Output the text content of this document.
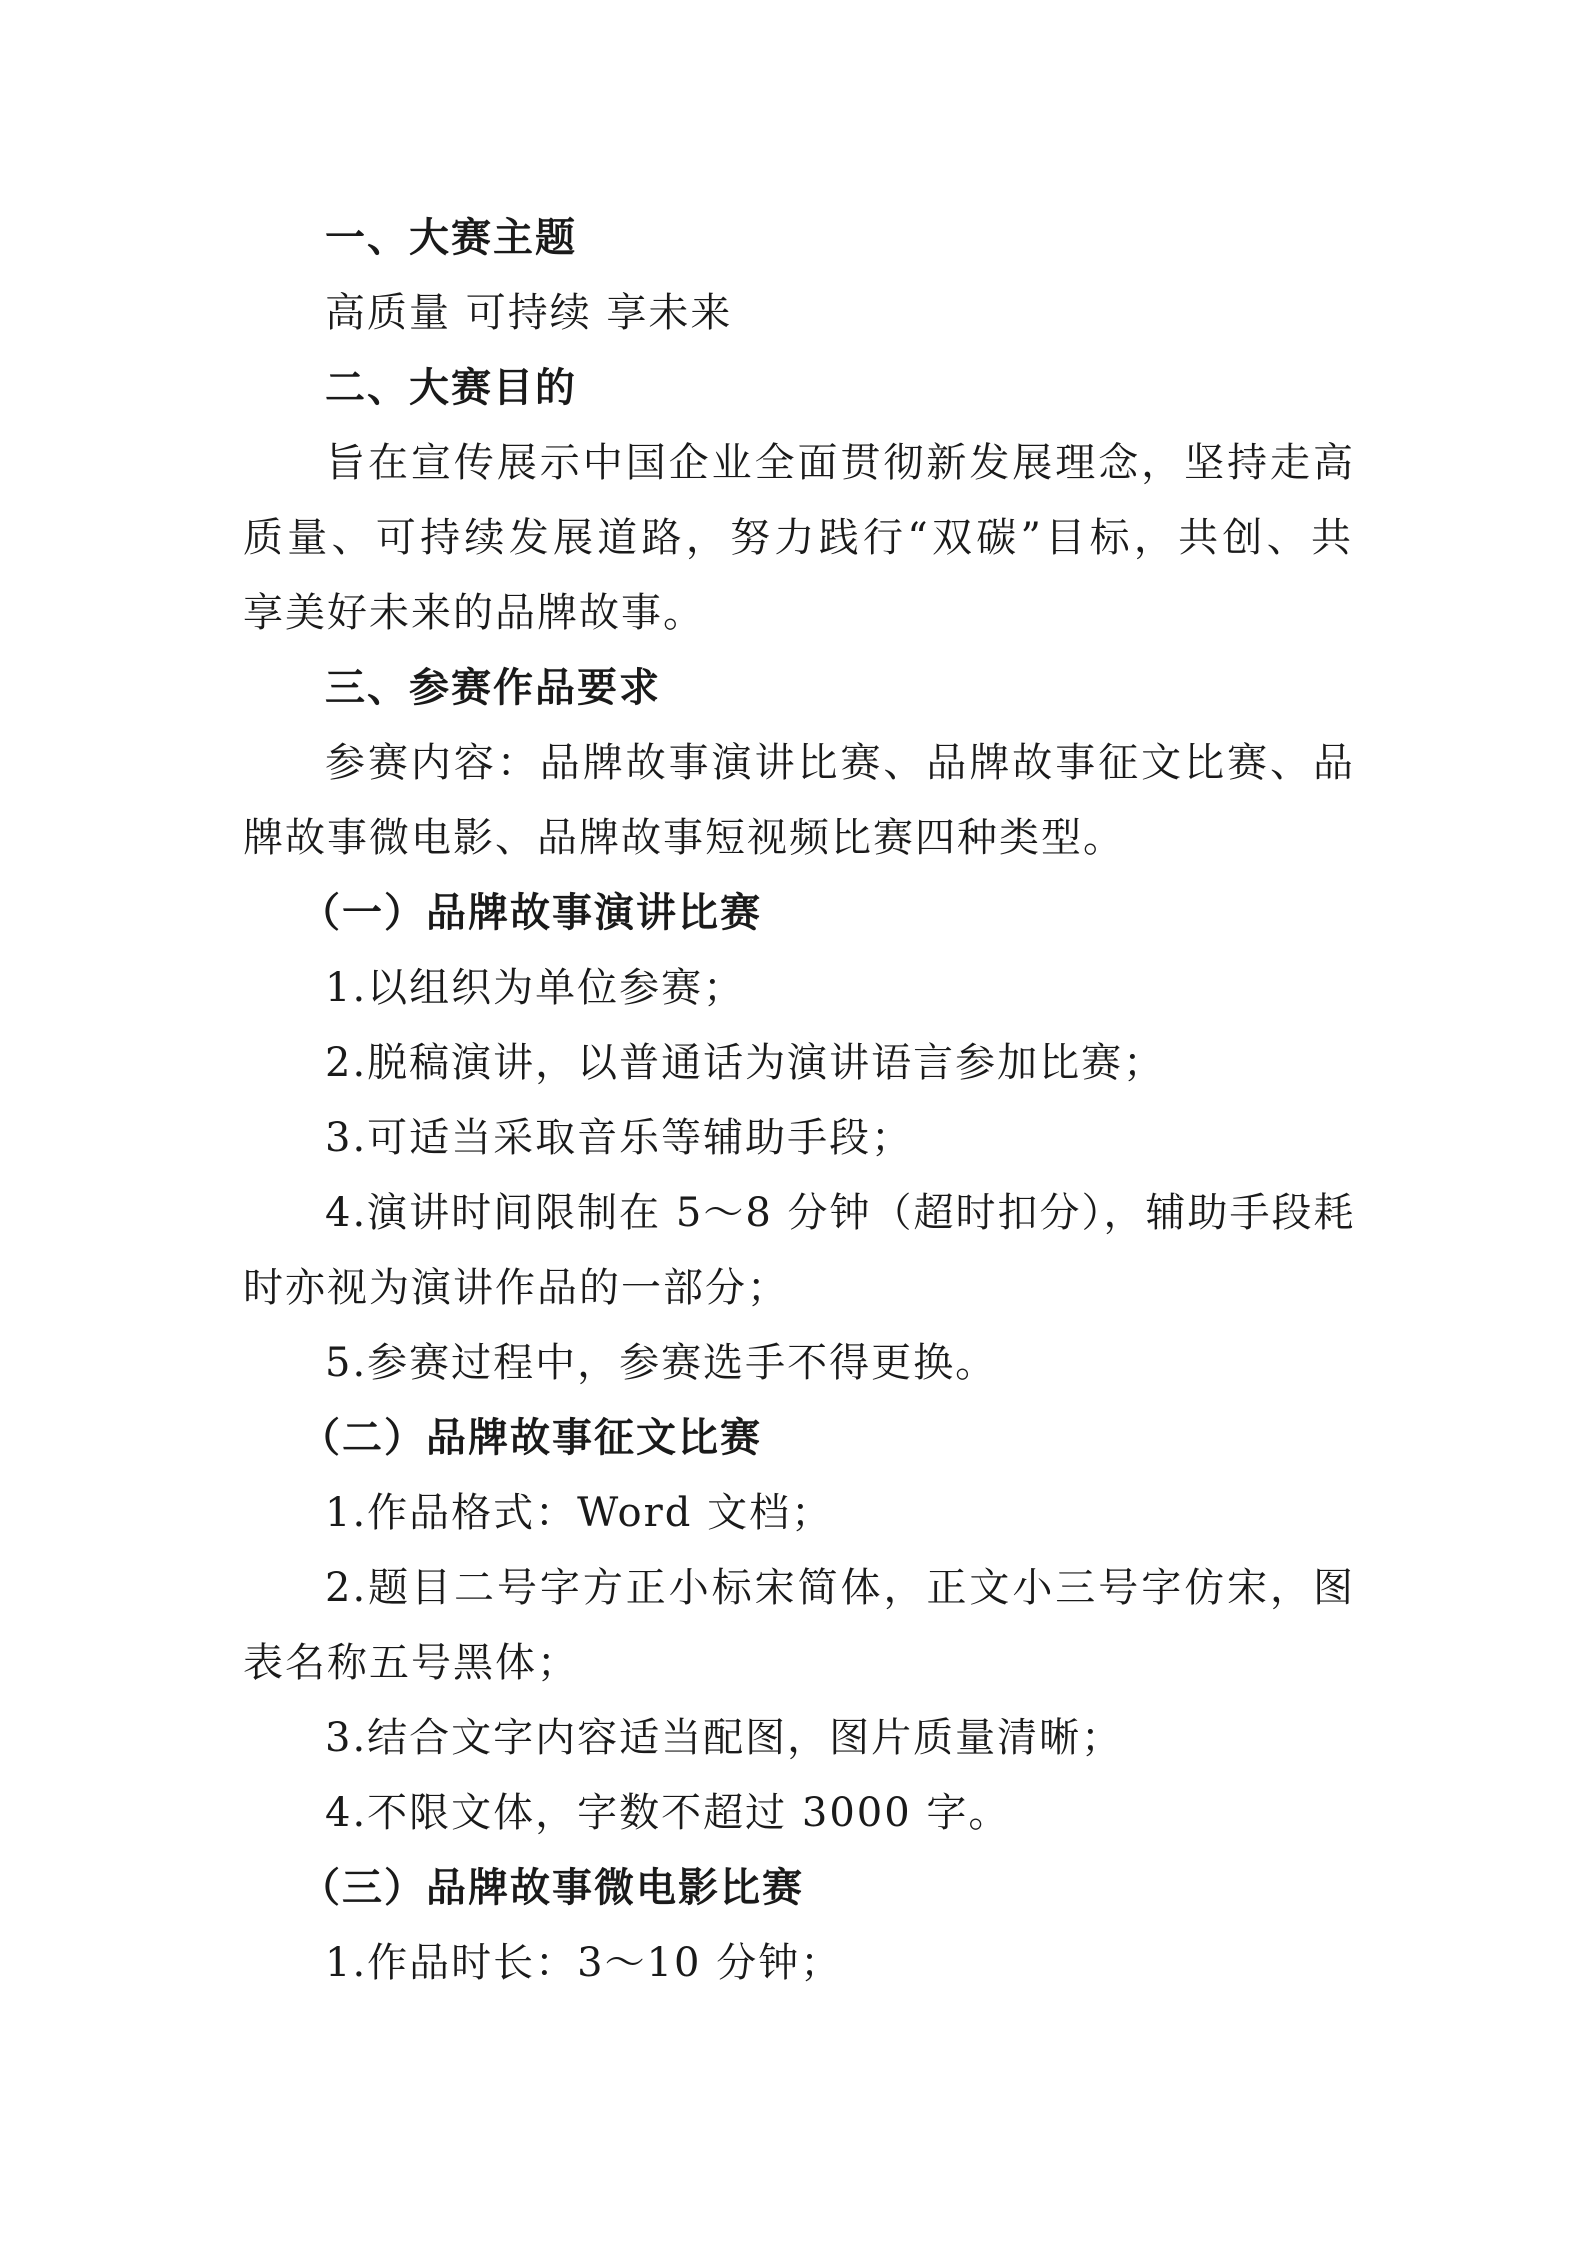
一、大赛主题
高质量 可持续 享未来
二、大赛目的
旨在宣传展示中国企业全面贯彻新发展理念，坚持走高
质量、可持续发展道路，努力践行“双碳”目标，共创、共
享美好未来的品牌故事。
三、参赛作品要求
参赛内容：品牌故事演讲比赛、品牌故事征文比赛、品
牌故事微电影、品牌故事短视频比赛四种类型。
（一）品牌故事演讲比赛
1.以组织为单位参赛；
2.脱稿演讲，以普通话为演讲语言参加比赛；
3.可适当采取音乐等辅助手段；
4.演讲时间限制在 5～8 分钟（超时扣分），辅助手段耗
时亦视为演讲作品的一部分；
5.参赛过程中，参赛选手不得更换。
（二）品牌故事征文比赛
1.作品格式：Word 文档；
2.题目二号字方正小标宋简体，正文小三号字仿宋，图
表名称五号黑体；
3.结合文字内容适当配图，图片质量清晰；
4.不限文体，字数不超过 3000 字。
（三）品牌故事微电影比赛
1.作品时长：3～10 分钟；
